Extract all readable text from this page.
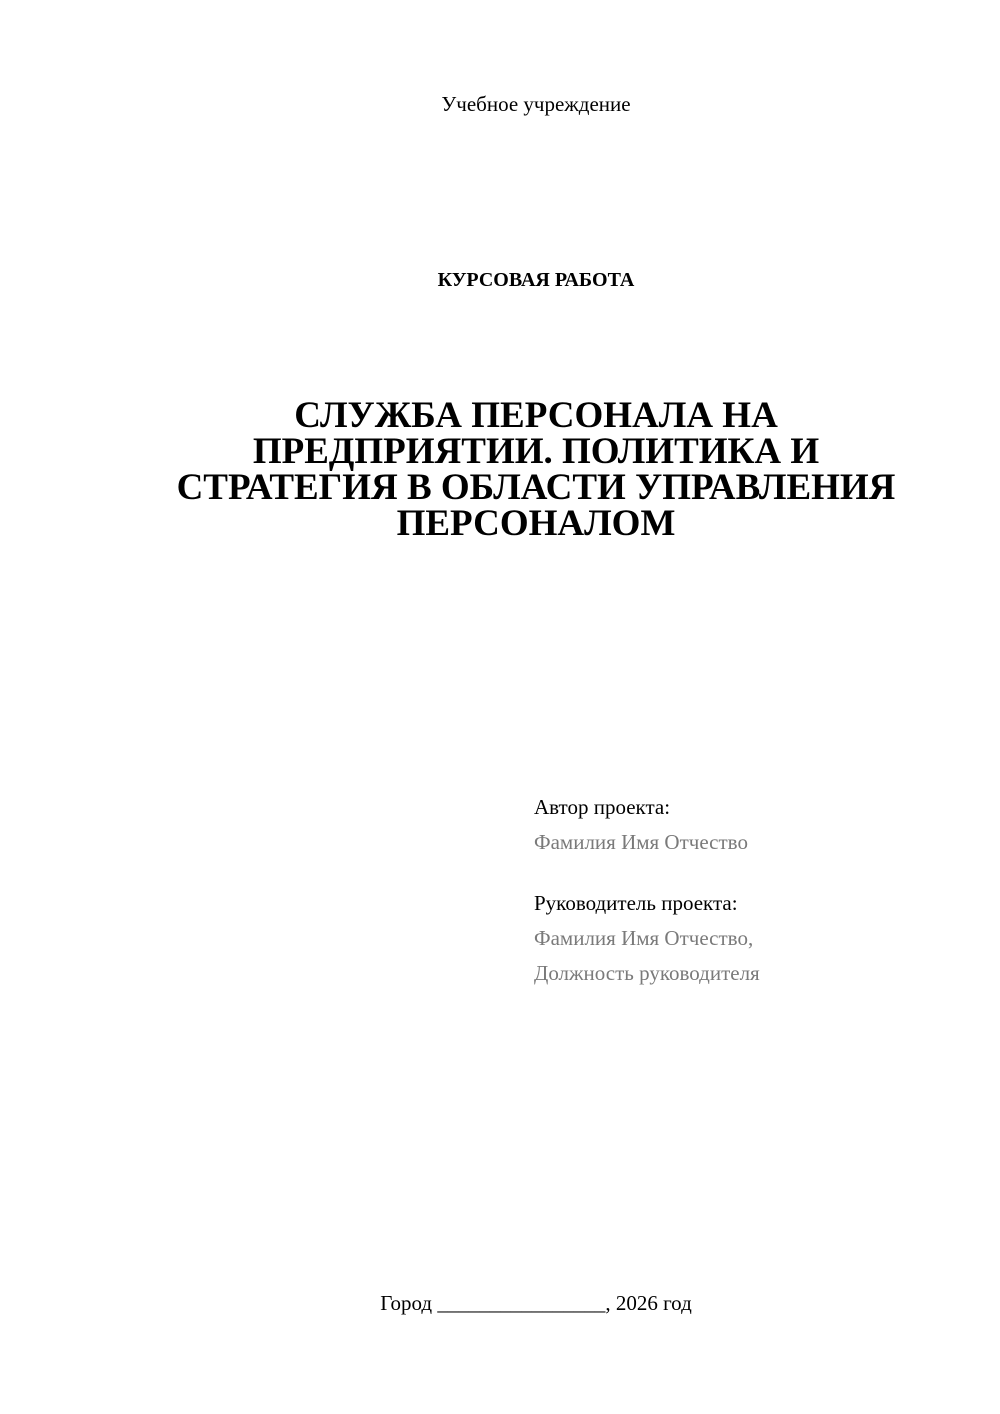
Учебное учреждение
КУРСОВАЯ РАБОТА
СЛУЖБА ПЕРСОНАЛА НА
ПРЕДПРИЯТИИ. ПОЛИТИКА И
СТРАТЕГИЯ В ОБЛАСТИ УПРАВЛЕНИЯ
ПЕРСОНАЛОМ
Автор проекта:
Фамилия Имя Отчество
Руководитель проекта:
Фамилия Имя Отчество,
Должность руководителя
Город ________________, 2026 год
